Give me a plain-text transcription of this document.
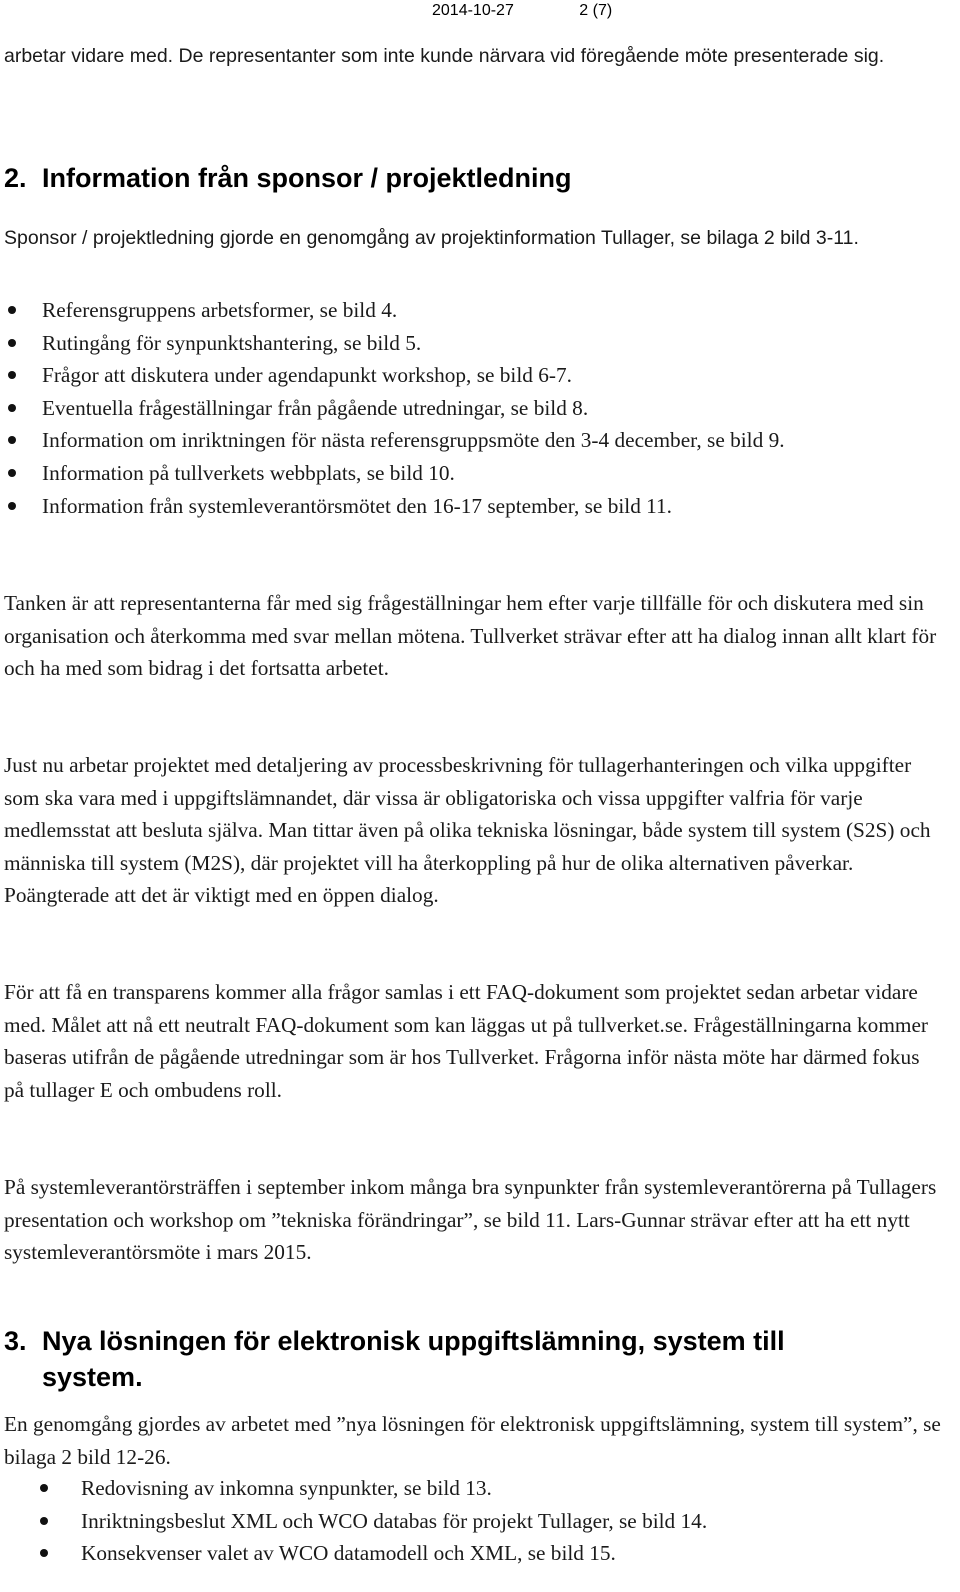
2014-10-27	2 (7)

arbetar vidare med. De representanter som inte kunde närvara vid föregående möte presenterade sig.

2. Information från sponsor / projektledning

Sponsor / projektledning gjorde en genomgång av projektinformation Tullager, se bilaga 2 bild 3-11.

Referensgruppens arbetsformer, se bild 4.
Rutingång för synpunktshantering, se bild 5.
Frågor att diskutera under agendapunkt workshop, se bild 6-7.
Eventuella frågeställningar från pågående utredningar, se bild 8.
Information om inriktningen för nästa referensgruppsmöte den 3-4 december, se bild 9.
Information på tullverkets webbplats, se bild 10.
Information från systemleverantörsmötet den 16-17 september, se bild 11.

Tanken är att representanterna får med sig frågeställningar hem efter varje tillfälle för och diskutera med sin organisation och återkomma med svar mellan mötena. Tullverket strävar efter att ha dialog innan allt klart för och ha med som bidrag i det fortsatta arbetet.

Just nu arbetar projektet med detaljering av processbeskrivning för tullagerhanteringen och vilka uppgifter som ska vara med i uppgiftslämnandet, där vissa är obligatoriska och vissa uppgifter valfria för varje medlemsstat att besluta själva. Man tittar även på olika tekniska lösningar, både system till system (S2S) och människa till system (M2S), där projektet vill ha återkoppling på hur de olika alternativen påverkar. Poängterade att det är viktigt med en öppen dialog.

För att få en transparens kommer alla frågor samlas i ett FAQ-dokument som projektet sedan arbetar vidare med. Målet att nå ett neutralt FAQ-dokument som kan läggas ut på tullverket.se. Frågeställningarna kommer baseras utifrån de pågående utredningar som är hos Tullverket. Frågorna inför nästa möte har därmed fokus på tullager E och ombudens roll.

På systemleverantörsträffen i september inkom många bra synpunkter från systemleverantörerna på Tullagers presentation och workshop om ”tekniska förändringar”, se bild 11. Lars-Gunnar strävar efter att ha ett nytt systemleverantörsmöte i mars 2015.

3. Nya lösningen för elektronisk uppgiftslämning, system till system.

En genomgång gjordes av arbetet med ”nya lösningen för elektronisk uppgiftslämning, system till system”, se bilaga 2 bild 12-26.

Redovisning av inkomna synpunkter, se bild 13.
Inriktningsbeslut XML och WCO databas för projekt Tullager, se bild 14.
Konsekvenser valet av WCO datamodell och XML, se bild 15.
